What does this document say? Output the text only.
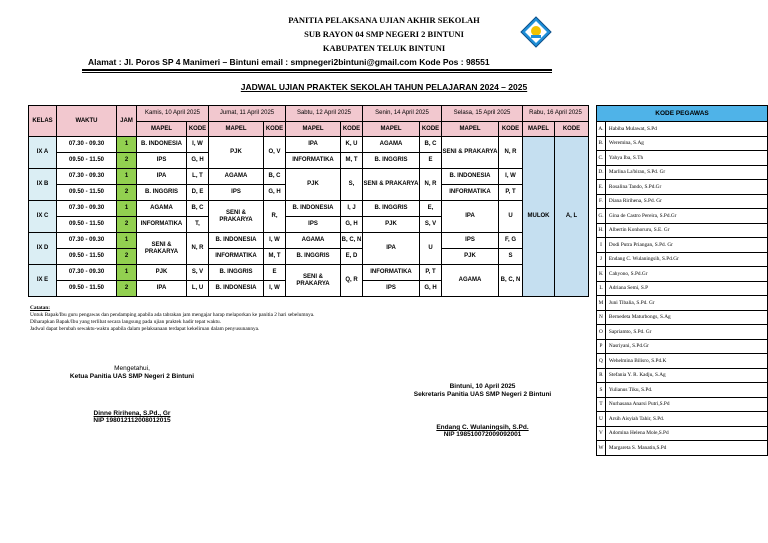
PANITIA PELAKSANA UJIAN AKHIR SEKOLAH
SUB RAYON 04 SMP NEGERI 2 BINTUNI
KABUPATEN TELUK BINTUNI
Alamat : Jl. Poros SP 4 Manimeri – Bintuni email : smpnegeri2bintuni@gmail.com Kode Pos : 98551
JADWAL UJIAN PRAKTEK SEKOLAH TAHUN PELAJARAN 2024 – 2025
KELAS	WAKTU	JAM	Kamis, 10 April 2025		Jumat, 11 April 2025		Sabtu, 12 April 2025		Senin, 14 April 2025		Selasa, 15 April 2025		Rabu, 16 April 2025	
			MAPEL	KODE	MAPEL	KODE	MAPEL	KODE	MAPEL	KODE	MAPEL	KODE	MAPEL	KODE
IX A	07.30 - 09.30	1	B. INDONESIA	I, W	PJK	O, V	IPA	K, U	AGAMA	B, C	SENI & PRAKARYA	N, R	MULOK	A, L
	09.50 - 11.50	2	IPS	G, H			INFORMATIKA	M, T	B. INGGRIS	E				
IX B	07.30 - 09.30	1	IPA	L, T	AGAMA	B, C	PJK	S,	SENI & PRAKARYA	N, R	B. INDONESIA	I, W		
	09.50 - 11.50	2	B. INGGRIS	D, E	IPS	G, H					INFORMATIKA	P, T		
IX C	07.30 - 09.30	1	AGAMA	B, C	SENI & PRAKARYA	R,	B. INDONESIA	I, J	B. INGGRIS	E,	IPA	U		
	09.50 - 11.50	2	INFORMATIKA	T,			IPS	G, H	PJK	S, V				
IX D	07.30 - 09.30	1	SENI & PRAKARYA	N, R	B. INDONESIA	I, W	AGAMA	B, C, N	IPA	U	IPS	F, G		
	09.50 - 11.50	2			INFORMATIKA	M, T	B. INGGRIS	E, D			PJK	S		
IX E	07.30 - 09.30	1	PJK	S, V	B. INGGRIS	E	SENI & PRAKARYA	Q, R	INFORMATIKA	P, T	AGAMA	B, C, N		
	09.50 - 11.50	2	IPA	L, U	B. INDONESIA	I, W			IPS	G, H				
KODE PEGAWAS	
A.	Habiba Mulawat, S.Pd
B.	Weremina, S.Ag
C.	Yahya Iba, S.Th
D.	Marlina La'biran, S.Pd. Gr
E.	Rosalina Tando, S.Pd.Gr
F.	Diana Ririhena, S.Pd. Gr
G.	Gina de Castro Pereira, S.Pd.Gr
H.	Albertin Konhoruru, S.E. Gr
I	Dodi Putra Priangan, S.Pd. Gr
J	Endang C. Wulaningsih, S.Pd.Gr
K	Cahyono, S.Pd.Gr
L	Adriana Semi, S.P
M	Juni Tibalia, S.Pd. Gr
N	Bernedeta Maturbongs, S.Ag
O	Sapriamto, S.Pd. Gr
P	Nasriyani, S.Pd.Gr
Q	Wehelmina Bilisro, S.Pd.K
R	Stefania Y. R. Kadju, S.Ag
S	Yulianus Tiku, S.Pd.
T	Nurhasana Anarsi Putri,S.Pd
U	Arsih Aisyiah Tahir, S.Pd.
V	Adomina Helena Mole,S.Pd
W	Margareta S. Manatin,S.Pd
Catatan:
Untuk Bapak/Ibu guru pengawas dan pendamping apabila ada tabrakan jam mengajar harap melaporkan ke panitia 2 hari sebelumnya.
Diharapkan Bapak/Ibu yang terlibat secara langsung pada ujian praktek hadir tepat waktu.
Jadwal dapat berubah sewaktu-waktu apabila dalam pelaksanaan terdapat kekeliruan dalam penyusunannya.
Mengetahui,
Ketua Panitia UAS SMP Negeri 2 Bintuni
Dinne Ririhena, S.Pd., Gr
NIP 198012112008012015
Bintuni, 10 April 2025
Sekretaris Panitia UAS SMP Negeri 2 Bintuni
Endang C. Wulaningsih, S.Pd.
NIP 198510072009092001
